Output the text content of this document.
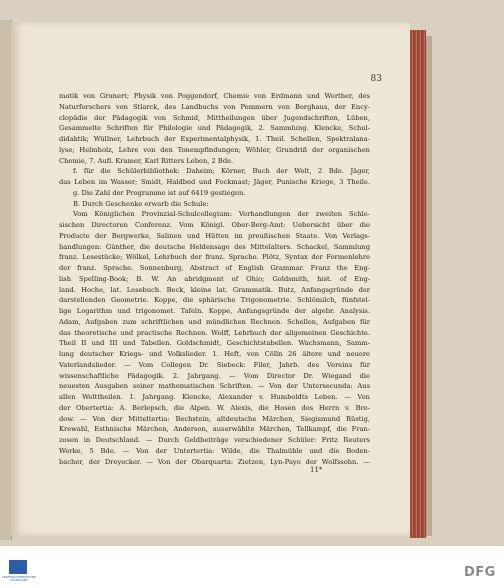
83
matik von Grunert; Physik von Poggendorf, Chemie von Erdmann und Werther, des
Naturforschers von Stlarck, des Landbuchs von Pommern von Berghaus, der Ency-
clopädie der Pädagogik von Schmid, Mittheilungen über Jugendschriften, Lüben,
Gesammelte Schriften für Philologie und Pädagogik, 2. Sammlung. Klencke, Schul-
didaktik; Wüllner, Lehrbuch der Experimentalphysik, 1. Theil. Schellen, Spektralana-
lyse; Helmholz, Lehre von den Tonempfindungen; Wöhler, Grundriß der organischen
Chemie, 7. Aufl. Kramer, Karl Ritters Leben, 2 Bde.
f. für die Schülerbibliothek: Daheim; Körner, Buch der Welt, 2 Bde. Jäger,
das Leben im Wasser; Smidt, Haldbed und Fockmast; Jäger, Punische Kriege, 3 Theile.
g. Die Zahl der Programme ist auf 6419 gestiegen.
B. Durch Geschenke erwarb die Schule:
Vom Königlichen Provinzial-Schulcollegium: Verhandlungen der zweiten Schle-
sischen Directoren Conferenz. Vom Königl. Ober-Berg-Amt: Uebersicht über die
Producte der Bergwerke, Salinen und Hütten im preußischen Staate. Von Verlags-
handlungen: Günther, die deutsche Heldensage des Mittelalters. Schackel, Sammlung
franz. Lesestücke; Wölkel, Lehrbuch der franz. Sprache. Plötz, Syntax der Formenlehre
der franz. Sprache. Sonnenburg, Abstract of English Grammar. Franz the Eng-
lish Spelling-Book; B. W. An abridgment of Ohio; Goldsmith, hist. of Eng-
land. Hoche, lat. Lesebuch. Beck, kleine lat. Grammatik. Butz, Anfangsgründe der
darstellenden Geometrie. Koppe, die sphärische Trigonometrie. Schlömilch, fünfstel-
lige Logarithm und trigonomet. Tafeln. Koppe, Anfangsgründe der algebr. Analysis.
Adam, Aufgaben zum schriftlichen und mündlichen Rechnen. Schellen, Aufgaben für
das theoretische und practische Rechnen. Wolff, Lehrbuch der allgemeinen Geschichte.
Theil II und III und Tabellen. Goldschmidt, Geschichtstabellen. Wachsmann, Samm-
lung deutscher Kriegs- und Volkslieder. 1. Heft, von Cölln 26 ältere und neuere
Vaterlandslieder. — Vom Collegen Dr. Siebeck: Filer, Jahrb. des Vereins für
wissenschaftliche Pädagogik. 2. Jahrgang. — Vom Director Dr. Wiegand die
neuesten Ausgaben seiner mathematischen Schriften. — Von der Untersecunda: Aus
allen Welttheilen. 1. Jahrgang. Klencke, Alexander v. Humboldts Leben. — Von
der Obertertia: A. Berlepsch, die Alpen. W. Alexis, die Hosen des Herrn v. Bre-
dow. — Von der Mitteltertia: Bechstein, altdeutsche Märchen, Siegismund Rüstig,
Krewahl, Esthnische Märchen, Anderson, auserwählte Märchen, Tellkampf, die Fran-
zosen in Deutschland. — Durch Geldbeiträge verschiedener Schüler: Fritz Reuters
Werke, 5 Bde. — Von der Untertertia: Wilde, die Thalmühle und die Boden-
bacher, der Dreyecker. — Von der Obarquarta: Zietzen, Lyn-Payo der Wolfssohn. —
11*
UNIVERSITÄTSBIBLIOTHEK DÜSSELDORF
DFG
